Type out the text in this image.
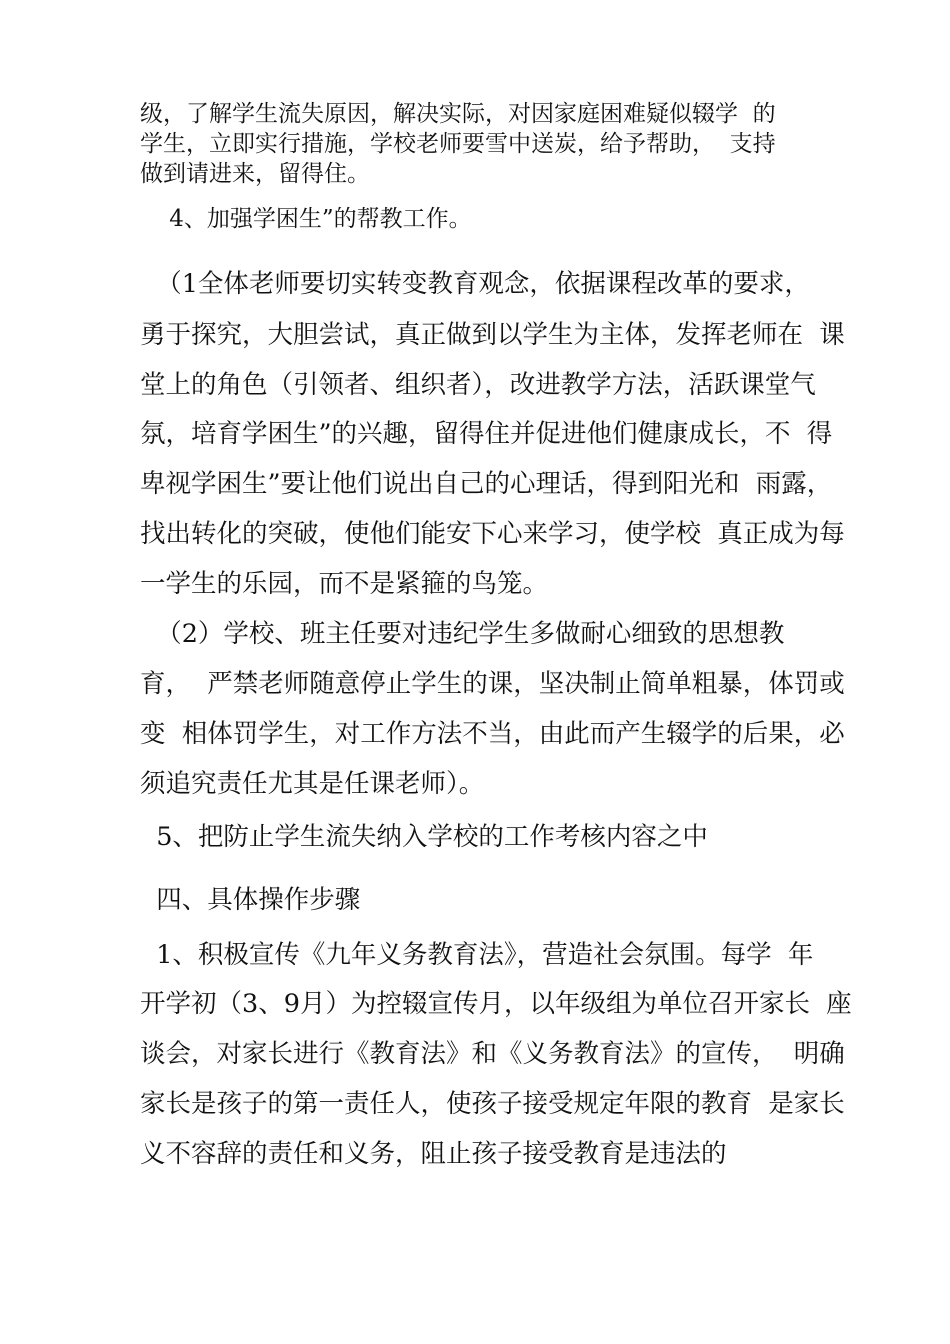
级，了解学生流失原因，解决实际，对因家庭困难疑似辍学  的
学生，立即实行措施，学校老师要雪中送炭，给予帮助，  支持
做到请进来，留得住。
4、加强学困生”的帮教工作。
（1全体老师要切实转变教育观念，依据课程改革的要求，
勇于探究，大胆尝试，真正做到以学生为主体，发挥老师在  课
堂上的角色（引领者、组织者），改进教学方法，活跃课堂气
氛，培育学困生”的兴趣，留得住并促进他们健康成长，不  得
卑视学困生”要让他们说出自己的心理话，得到阳光和  雨露，
找出转化的突破，使他们能安下心来学习，使学校  真正成为每
一学生的乐园，而不是紧箍的鸟笼。
（2）学校、班主任要对违纪学生多做耐心细致的思想教
育，  严禁老师随意停止学生的课，坚决制止简单粗暴，体罚或
变  相体罚学生，对工作方法不当，由此而产生辍学的后果，必
须追究责任尤其是任课老师）。
5、把防止学生流失纳入学校的工作考核内容之中
四、具体操作步骤
1、积极宣传《九年义务教育法》，营造社会氛围。每学  年
开学初（3、9月）为控辍宣传月，以年级组为单位召开家长  座
谈会，对家长进行《教育法》和《义务教育法》的宣传，  明确
家长是孩子的第一责任人，使孩子接受规定年限的教育  是家长
义不容辞的责任和义务，阻止孩子接受教育是违法的
